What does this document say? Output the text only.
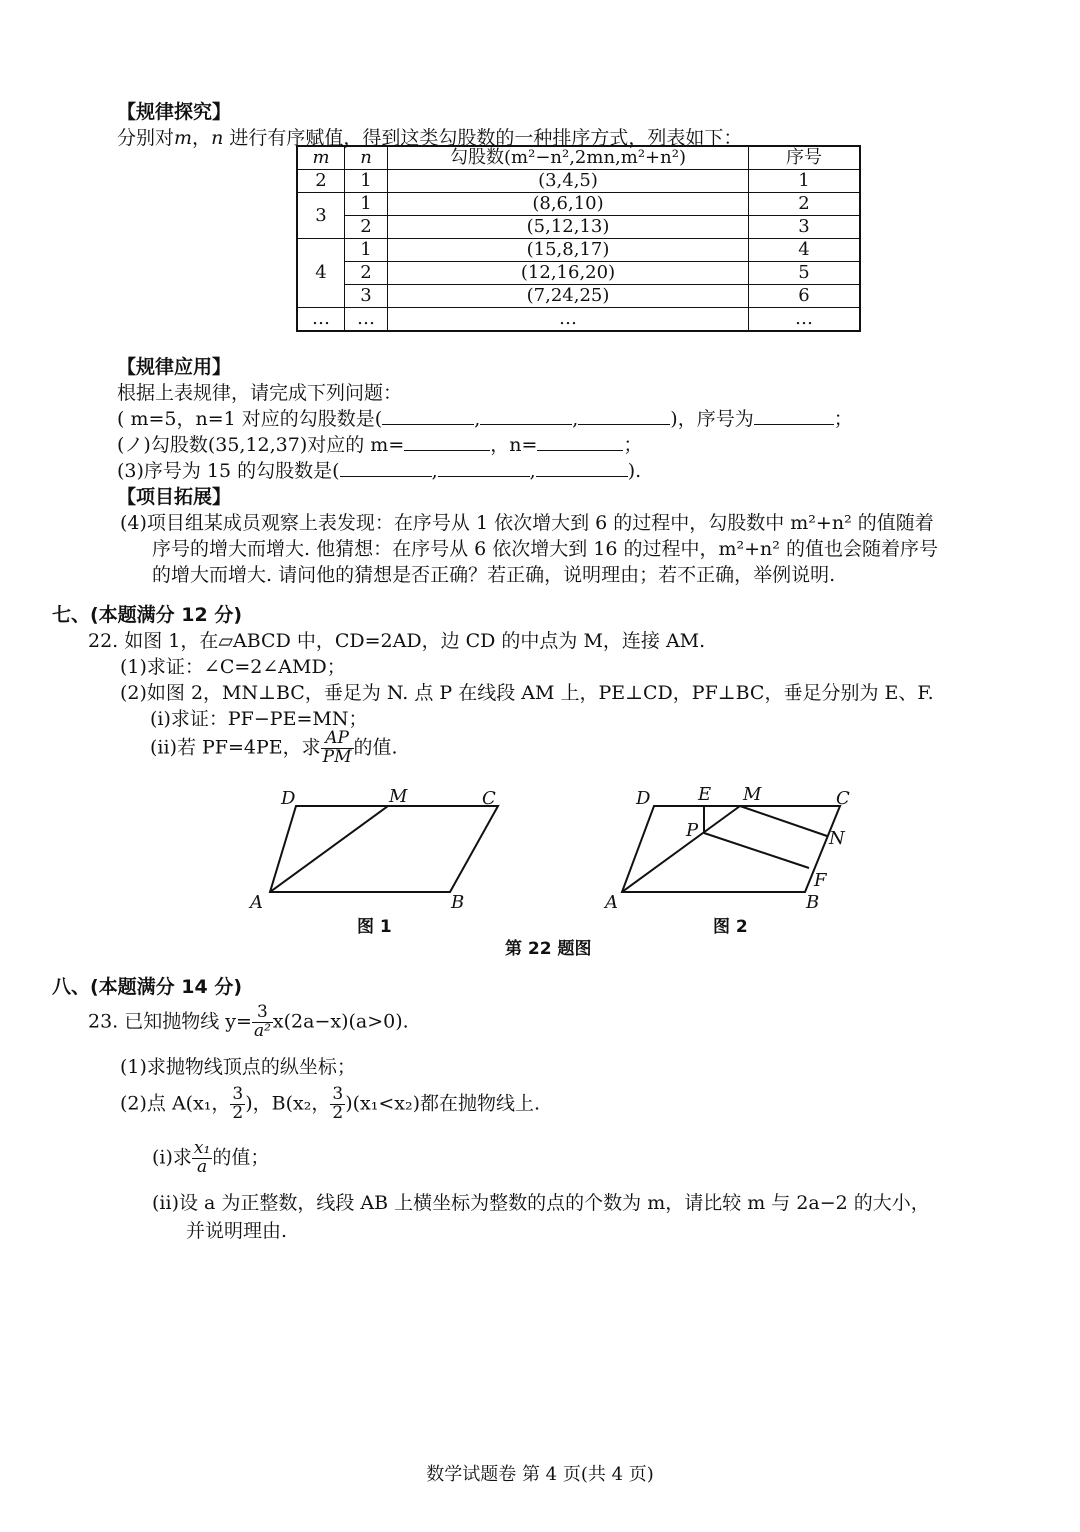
【规律探究】
分别对m，n 进行有序赋值，得到这类勾股数的一种排序方式，列表如下：
m	n	勾股数(m²−n²,2mn,m²+n²)	序号
2	1	(3,4,5)	1
3	1	(8,6,10)	2
	2	(5,12,13)	3
4	1	(15,8,17)	4
	2	(12,16,20)	5
	3	(7,24,25)	6
…	…	…	…
【规律应用】
根据上表规律，请完成下列问题：
( m=5，n=1 对应的勾股数是(	,	,	)，序号为	；
(ノ)勾股数(35,12,37)对应的 m=	，n=	；
(3)序号为 15 的勾股数是(	,	,	).
【项目拓展】
(4)项目组某成员观察上表发现：在序号从 1 依次增大到 6 的过程中，勾股数中 m²+n² 的值随着
序号的增大而增大. 他猜想：在序号从 6 依次增大到 16 的过程中，m²+n² 的值也会随着序号
的增大而增大. 请问他的猜想是否正确？若正确，说明理由；若不正确，举例说明.
七、(本题满分 12 分)
22. 如图 1，在▱ABCD 中，CD=2AD，边 CD 的中点为 M，连接 AM.
(1)求证：∠C=2∠AMD；
(2)如图 2，MN⊥BC，垂足为 N. 点 P 在线段 AM 上，PE⊥CD，PF⊥BC，垂足分别为 E、F.
(i)求证：PF−PE=MN；
(ii)若 PF=4PE，求 $\frac{AP}{PM}$ 的值.
D	M	C
A	B
图 1
D	E M	C
P	N
F
A	B
图 2
第 22 题图
八、(本题满分 14 分)
23. 已知抛物线 $y= \frac{3}{\text{a²}} x(2a-x)(a>0)$.
(1)求抛物线顶点的纵坐标；
(2)点 A(x₁， $\frac{3}{2}$ )，B(x₂， $\frac{3}{2} )(x_1<x_2)$都在抛物线上.
(i)求 $\frac{\text{x₁}}{a}$ 的值；
(ii)设 a 为正整数，线段 AB 上横坐标为整数的点的个数为 m，请比较 m 与 2a−2 的大小，
并说明理由.
数学试题卷 第 4 页(共 4 页)
